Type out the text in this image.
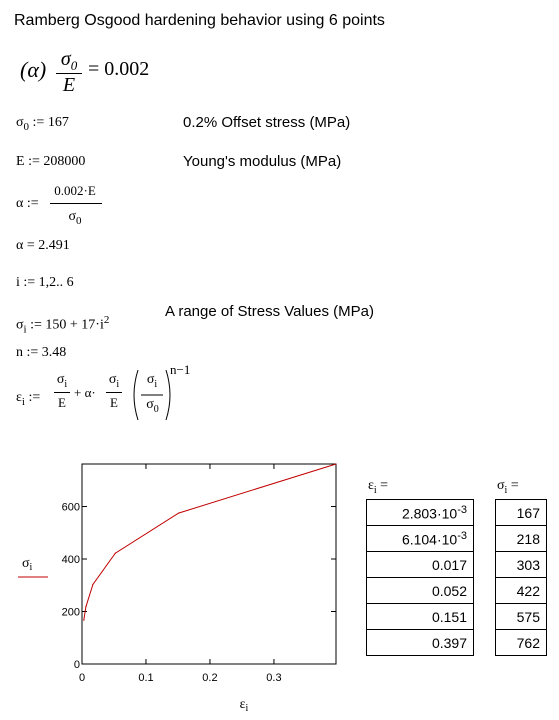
Ramberg Osgood hardening behavior using 6 points
(α) $\sigma_0$
E
= 0.002
$\sigma_0$ := 167	0.2% Offset stress (MPa)
E := 208000	Young's modulus (MPa)
α :=
0.002·E
$\sigma_0$
α = 2.491
i := 1,2.. 6
$\sigma_i$ := $150 + 17\cdot i^2$	A range of Stress Values (MPa)
n := 3.48
$\varepsilon_i$ :=
$\sigma_i$
E
+ α·
$\sigma_i$
E
$\sigma_i$
$\sigma_0$
n−1
0
200
400
600
0	0.1	0.2	0.3
$\varepsilon_i$
$\sigma_i$
$\varepsilon_i$ =
$2.803\cdot 10^{-3}$
$6.104\cdot 10^{-3}$
0.017
0.052
0.151
0.397
$\sigma_i$ =
167
218
303
422
575
762
